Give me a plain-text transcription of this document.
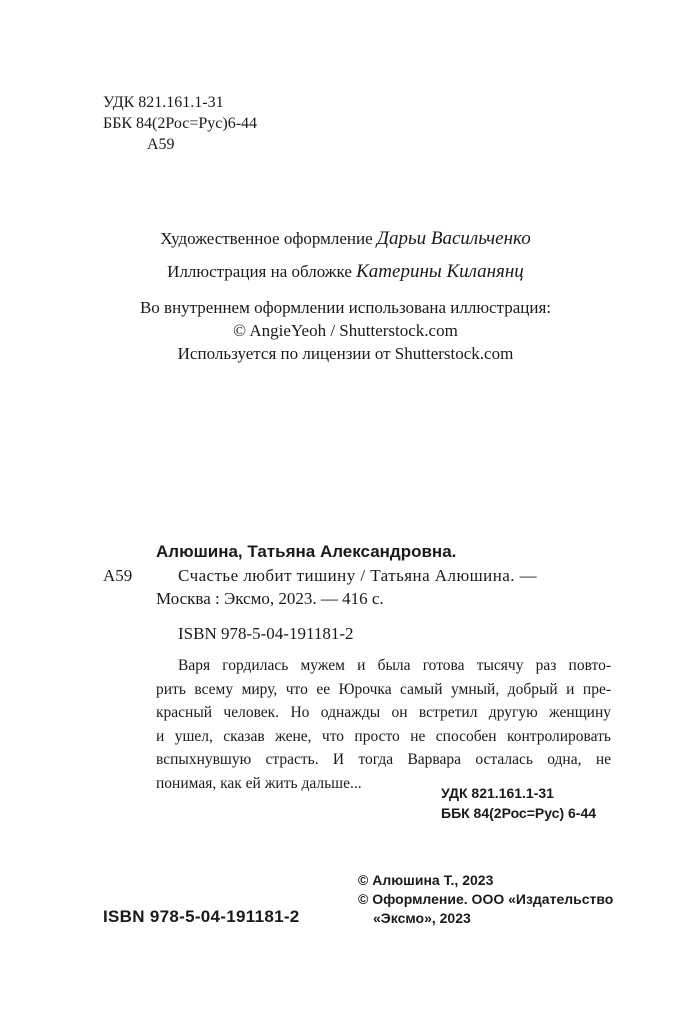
УДК 821.161.1-31
ББК 84(2Рос=Рус)6-44
А59
Художественное оформление Дарьи Васильченко
Иллюстрация на обложке Катерины Киланянц
Во внутреннем оформлении использована иллюстрация:
© AngieYeoh / Shutterstock.com
Используется по лицензии от Shutterstock.com
Алюшина, Татьяна Александровна.
А59	Счастье любит тишину / Татьяна Алюшина. —
Москва : Эксмо, 2023. — 416 с.
ISBN 978-5-04-191181-2
Варя гордилась мужем и была готова тысячу раз повто-
рить всему миру, что ее Юрочка самый умный, добрый и пре-
красный человек. Но однажды он встретил другую женщину
и ушел, сказав жене, что просто не способен контролировать
вспыхнувшую страсть. И тогда Варвара осталась одна, не
понимая, как ей жить дальше...
УДК 821.161.1-31
ББК 84(2Рос=Рус) 6-44
© Алюшина Т., 2023
© Оформление. ООО «Издательство
«Эксмо», 2023
ISBN 978-5-04-191181-2
